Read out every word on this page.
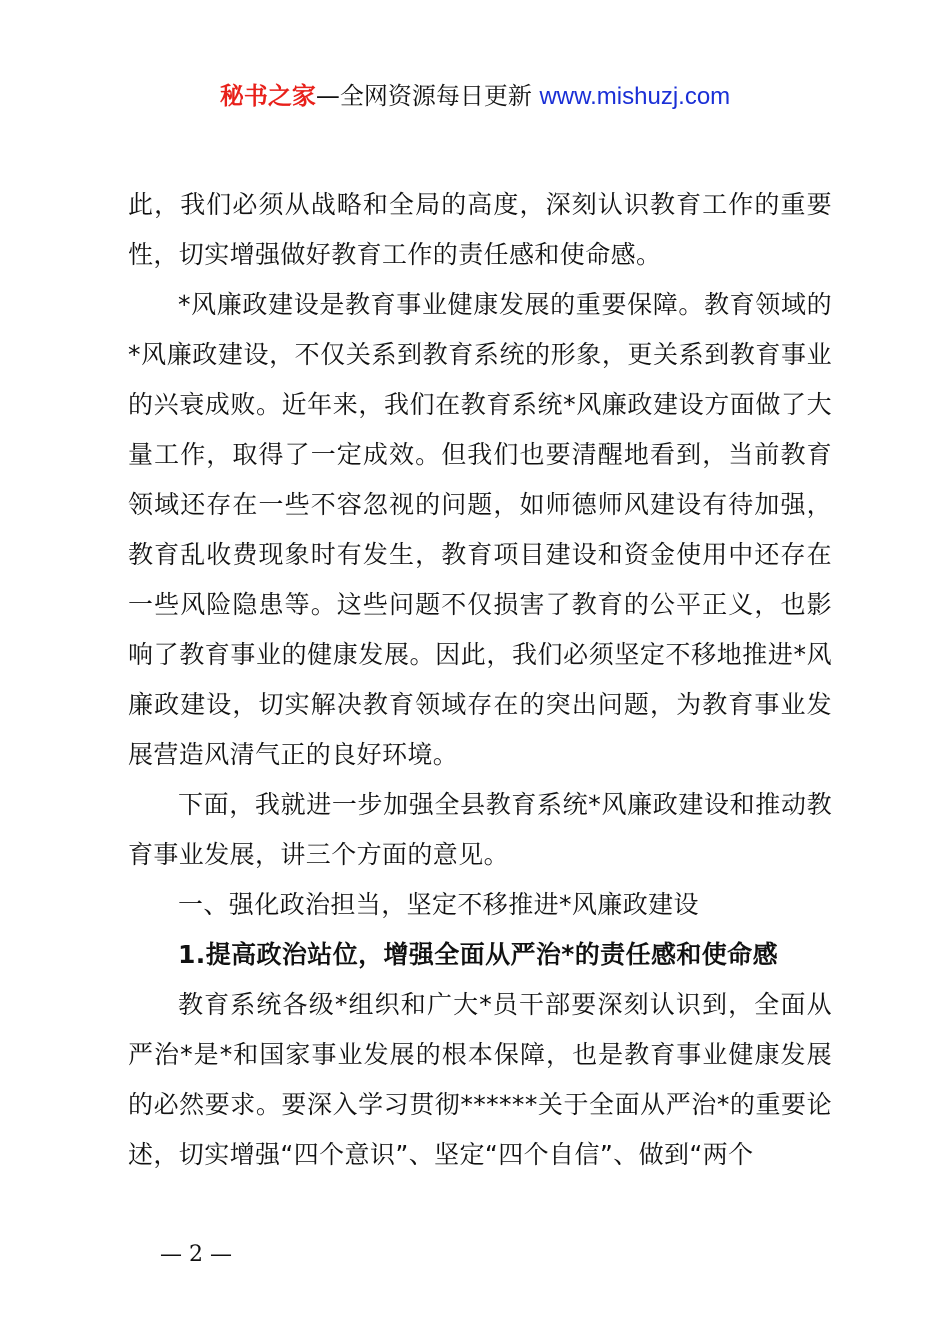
秘书之家—全网资源每日更新 www.mishuzj.com

此，我们必须从战略和全局的高度，深刻认识教育工作的重要性，切实增强做好教育工作的责任感和使命感。

*风廉政建设是教育事业健康发展的重要保障。教育领域的*风廉政建设，不仅关系到教育系统的形象，更关系到教育事业的兴衰成败。近年来，我们在教育系统*风廉政建设方面做了大量工作，取得了一定成效。但我们也要清醒地看到，当前教育领域还存在一些不容忽视的问题，如师德师风建设有待加强，教育乱收费现象时有发生，教育项目建设和资金使用中还存在一些风险隐患等。这些问题不仅损害了教育的公平正义，也影响了教育事业的健康发展。因此，我们必须坚定不移地推进*风廉政建设，切实解决教育领域存在的突出问题，为教育事业发展营造风清气正的良好环境。

下面，我就进一步加强全县教育系统*风廉政建设和推动教育事业发展，讲三个方面的意见。

一、强化政治担当，坚定不移推进*风廉政建设

1.提高政治站位，增强全面从严治*的责任感和使命感

教育系统各级*组织和广大*员干部要深刻认识到，全面从严治*是*和国家事业发展的根本保障，也是教育事业健康发展的必然要求。要深入学习贯彻******关于全面从严治*的重要论述，切实增强“四个意识”、坚定“四个自信”、做到“两个

— 2 —
